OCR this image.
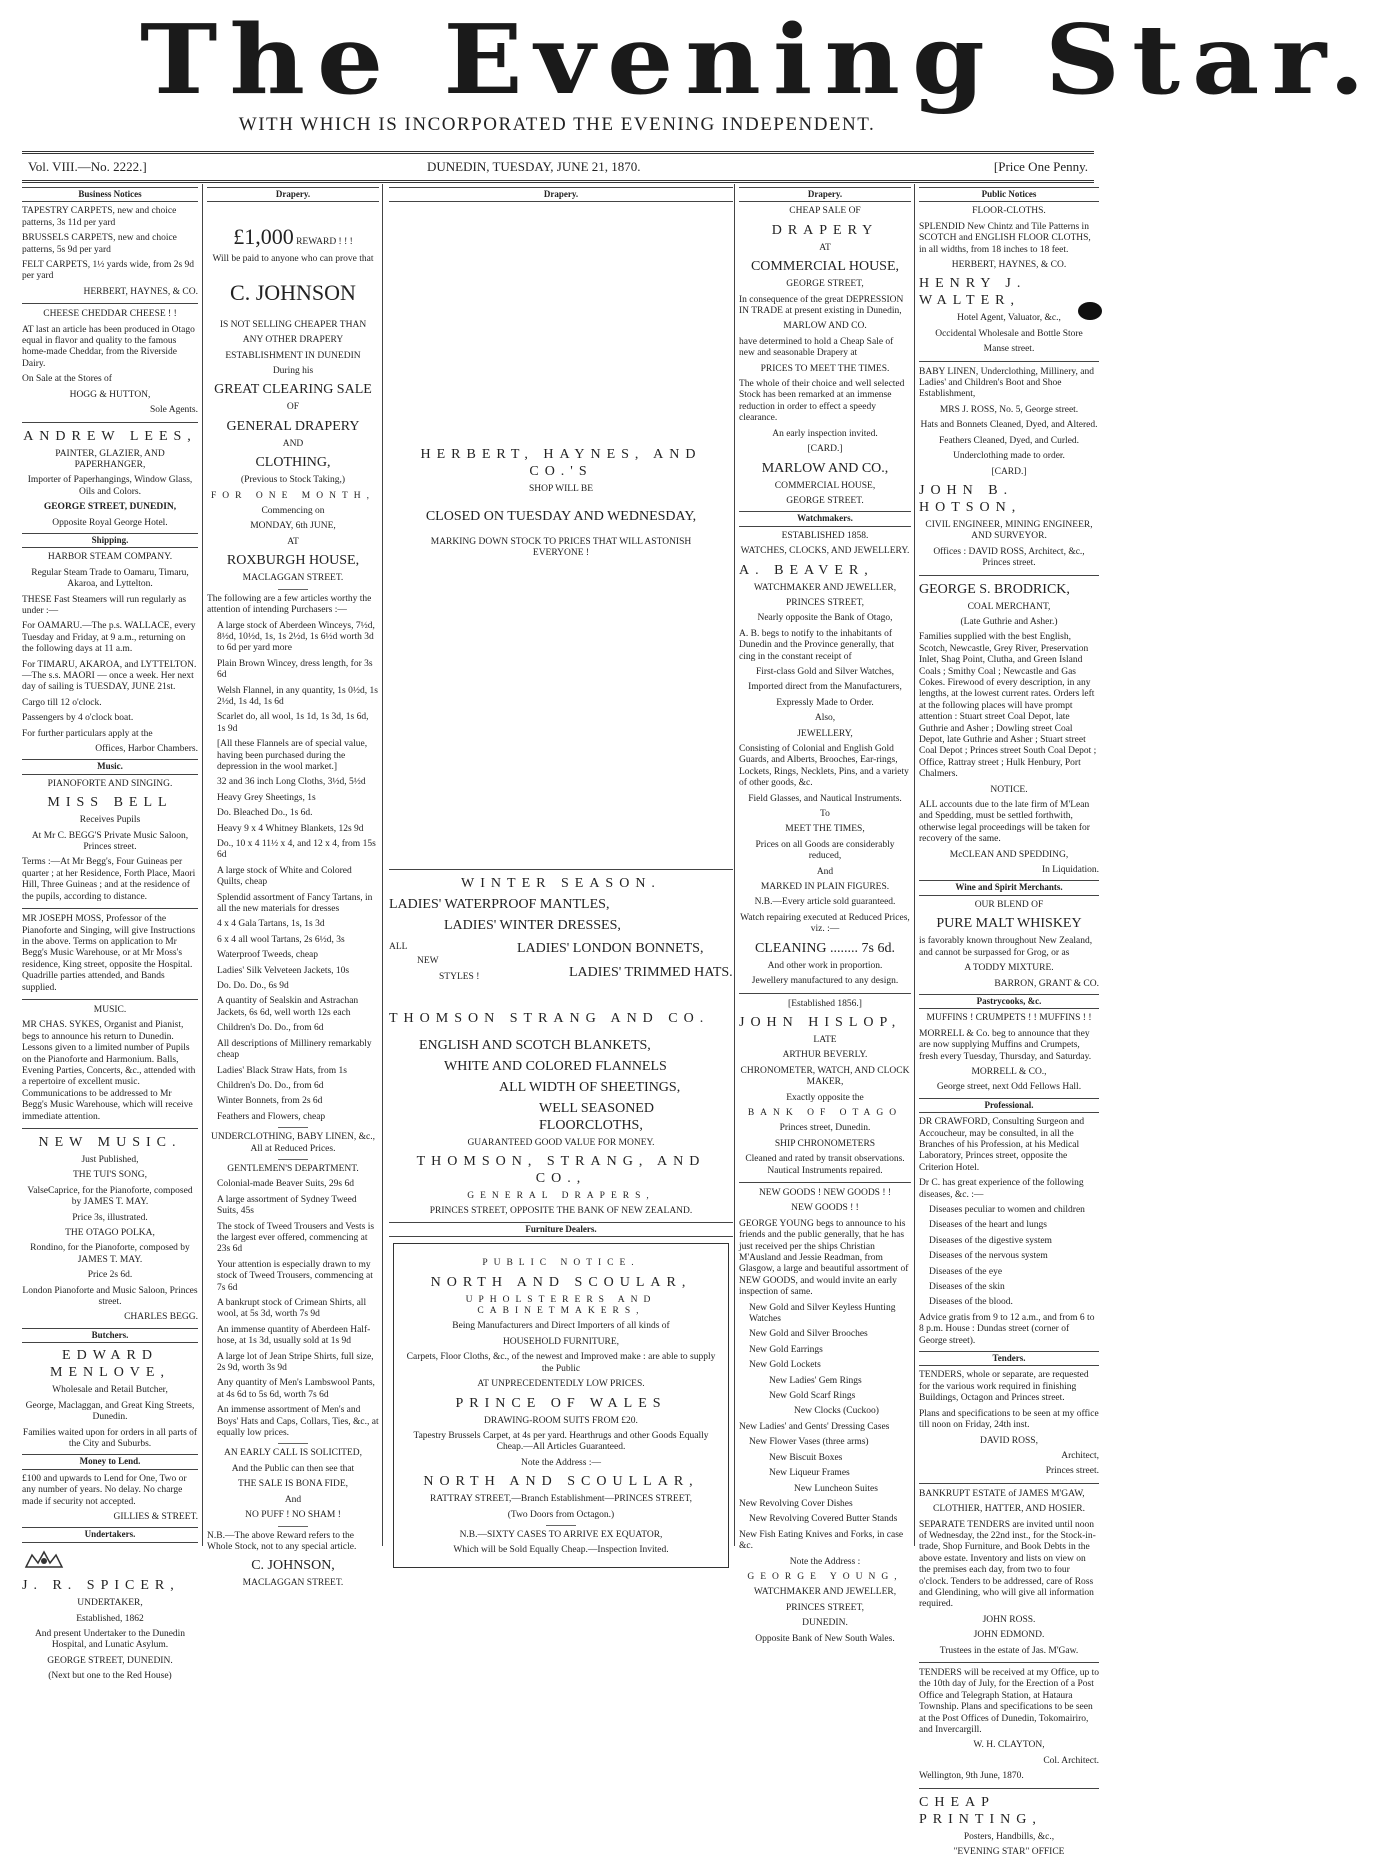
The Evening Star.
WITH WHICH IS INCORPORATED THE EVENING INDEPENDENT.
Vol. VIII.—No. 2222.]	DUNEDIN, TUESDAY, JUNE 21, 1870.	[Price One Penny.
Business Notices

TAPESTRY CARPETS, new and choice patterns, 3s 11d per yard

BRUSSELS CARPETS, new and choice patterns, 5s 9d per yard

FELT CARPETS, 1½ yards wide, from 2s 9d per yard

HERBERT, HAYNES, & CO.

CHEESE CHEDDAR CHEESE ! !

AT last an article has been produced in Otago equal in flavor and quality to the famous home-made Cheddar, from the Riverside Dairy.

On Sale at the Stores of

HOGG & HUTTON,

Sole Agents.

ANDREW LEES,

PAINTER, GLAZIER, AND PAPERHANGER,

Importer of Paperhangings, Window Glass, Oils and Colors.

GEORGE STREET, DUNEDIN,

Opposite Royal George Hotel.

Shipping.

HARBOR STEAM COMPANY.

Regular Steam Trade to Oamaru, Timaru, Akaroa, and Lyttelton.

THESE Fast Steamers will run regularly as under :—

For OAMARU.—The p.s. WALLACE, every Tuesday and Friday, at 9 a.m., returning on the following days at 11 a.m.

For TIMARU, AKAROA, and LYTTELTON. —The s.s. MAORI — once a week. Her next day of sailing is TUESDAY, JUNE 21st.

Cargo till 12 o'clock.

Passengers by 4 o'clock boat.

For further particulars apply at the

Offices, Harbor Chambers.

Music.

PIANOFORTE AND SINGING.

MISS BELL

Receives Pupils

At Mr C. BEGG'S Private Music Saloon, Princes street.

Terms :—At Mr Begg's, Four Guineas per quarter ; at her Residence, Forth Place, Maori Hill, Three Guineas ; and at the residence of the pupils, according to distance.

MR JOSEPH MOSS, Professor of the Pianoforte and Singing, will give Instructions in the above. Terms on application to Mr Begg's Music Warehouse, or at Mr Moss's residence, King street, opposite the Hospital. Quadrille parties attended, and Bands supplied.

MUSIC.

MR CHAS. SYKES, Organist and Pianist, begs to announce his return to Dunedin. Lessons given to a limited number of Pupils on the Pianoforte and Harmonium. Balls, Evening Parties, Concerts, &c., attended with a repertoire of excellent music. Communications to be addressed to Mr Begg's Music Warehouse, which will receive immediate attention.

NEW MUSIC.

Just Published,

THE TUI'S SONG,

ValseCaprice, for the Pianoforte, composed by JAMES T. MAY.

Price 3s, illustrated.

THE OTAGO POLKA,

Rondino, for the Pianoforte, composed by JAMES T. MAY.

Price 2s 6d.

London Pianoforte and Music Saloon, Princes street.

CHARLES BEGG.

Butchers.

EDWARD MENLOVE,

Wholesale and Retail Butcher,

George, Maclaggan, and Great King Streets, Dunedin.

Families waited upon for orders in all parts of the City and Suburbs.

Money to Lend.

£100 and upwards to Lend for One, Two or any number of years. No delay. No charge made if security not accepted.

GILLIES & STREET.

Undertakers.

J. R. SPICER,

UNDERTAKER,

Established, 1862

And present Undertaker to the Dunedin Hospital, and Lunatic Asylum.

GEORGE STREET, DUNEDIN.

(Next but one to the Red House)

Drapery.

£1,000 REWARD ! ! !

Will be paid to anyone who can prove that

C. JOHNSON

IS NOT SELLING CHEAPER THAN

ANY OTHER DRAPERY

ESTABLISHMENT IN DUNEDIN

During his

GREAT CLEARING SALE

OF

GENERAL DRAPERY

AND

CLOTHING,

(Previous to Stock Taking,)

FOR ONE MONTH,

Commencing on

MONDAY, 6th JUNE,

AT

ROXBURGH HOUSE,

MACLAGGAN STREET.

The following are a few articles worthy the attention of intending Purchasers :—

A large stock of Aberdeen Winceys, 7½d, 8½d, 10½d, 1s, 1s 2½d, 1s 6½d worth 3d to 6d per yard more

Plain Brown Wincey, dress length, for 3s 6d

Welsh Flannel, in any quantity, 1s 0½d, 1s 2½d, 1s 4d, 1s 6d

Scarlet do, all wool, 1s 1d, 1s 3d, 1s 6d, 1s 9d

[All these Flannels are of special value, having been purchased during the depression in the wool market.]

32 and 36 inch Long Cloths, 3½d, 5½d

Heavy Grey Sheetings, 1s

Do. Bleached Do., 1s 6d.

Heavy 9 x 4 Whitney Blankets, 12s 9d

Do., 10 x 4 11½ x 4, and 12 x 4, from 15s 6d

A large stock of White and Colored Quilts, cheap

Splendid assortment of Fancy Tartans, in all the new materials for dresses

4 x 4 Gala Tartans, 1s, 1s 3d

6 x 4 all wool Tartans, 2s 6½d, 3s

Waterproof Tweeds, cheap

Ladies' Silk Velveteen Jackets, 10s

Do. Do. Do., 6s 9d

A quantity of Sealskin and Astrachan Jackets, 6s 6d, well worth 12s each

Children's Do. Do., from 6d

All descriptions of Millinery remarkably cheap

Ladies' Black Straw Hats, from 1s

Children's Do. Do., from 6d

Winter Bonnets, from 2s 6d

Feathers and Flowers, cheap

UNDERCLOTHING, BABY LINEN, &c., All at Reduced Prices.

GENTLEMEN'S DEPARTMENT.

Colonial-made Beaver Suits, 29s 6d

A large assortment of Sydney Tweed Suits, 45s

The stock of Tweed Trousers and Vests is the largest ever offered, commencing at 23s 6d

Your attention is especially drawn to my stock of Tweed Trousers, commencing at 7s 6d

A bankrupt stock of Crimean Shirts, all wool, at 5s 3d, worth 7s 9d

An immense quantity of Aberdeen Half-hose, at 1s 3d, usually sold at 1s 9d

A large lot of Jean Stripe Shirts, full size, 2s 9d, worth 3s 9d

Any quantity of Men's Lambswool Pants, at 4s 6d to 5s 6d, worth 7s 6d

An immense assortment of Men's and Boys' Hats and Caps, Collars, Ties, &c., at equally low prices.

AN EARLY CALL IS SOLICITED,

And the Public can then see that

THE SALE IS BONA FIDE,

And

NO PUFF ! NO SHAM !

N.B.—The above Reward refers to the Whole Stock, not to any special article.

C. JOHNSON,

MACLAGGAN STREET.

Drapery.

HERBERT, HAYNES, AND CO.'S

SHOP WILL BE

CLOSED ON TUESDAY AND WEDNESDAY,

MARKING DOWN STOCK TO PRICES THAT WILL ASTONISH EVERYONE !

WINTER SEASON.

LADIES' WATERPROOF MANTLES,

LADIES' WINTER DRESSES,

ALL
NEW
STYLES !
LADIES' LONDON BONNETS,
LADIES' TRIMMED HATS.

THOMSON STRANG AND CO.

ENGLISH AND SCOTCH BLANKETS,

WHITE AND COLORED FLANNELS

ALL WIDTH OF SHEETINGS,

WELL SEASONED FLOORCLOTHS,

GUARANTEED GOOD VALUE FOR MONEY.

THOMSON, STRANG, AND CO.,

GENERAL DRAPERS,

PRINCES STREET, OPPOSITE THE BANK OF NEW ZEALAND.

Furniture Dealers.

PUBLIC NOTICE.

NORTH AND SCOULAR,

UPHOLSTERERS AND CABINETMAKERS,

Being Manufacturers and Direct Importers of all kinds of

HOUSEHOLD FURNITURE,

Carpets, Floor Cloths, &c., of the newest and Improved make : are able to supply the Public

AT UNPRECEDENTEDLY LOW PRICES.

PRINCE OF WALES

DRAWING-ROOM SUITS FROM £20.

Tapestry Brussels Carpet, at 4s per yard. Hearthrugs and other Goods Equally Cheap.—All Articles Guaranteed.

Note the Address :—

NORTH AND SCOULLAR,

RATTRAY STREET,—Branch Establishment—PRINCES STREET,

(Two Doors from Octagon.)

N.B.—SIXTY CASES TO ARRIVE EX EQUATOR,

Which will be Sold Equally Cheap.—Inspection Invited.

Drapery.

CHEAP SALE OF

DRAPERY

AT

COMMERCIAL HOUSE,

GEORGE STREET,

In consequence of the great DEPRESSION IN TRADE at present existing in Dunedin,

MARLOW AND CO.

have determined to hold a Cheap Sale of new and seasonable Drapery at

PRICES TO MEET THE TIMES.

The whole of their choice and well selected Stock has been remarked at an immense reduction in order to effect a speedy clearance.

An early inspection invited.

[CARD.]

MARLOW AND CO.,

COMMERCIAL HOUSE,

GEORGE STREET.

Watchmakers.

ESTABLISHED 1858.

WATCHES, CLOCKS, AND JEWELLERY.

A. BEAVER,

WATCHMAKER AND JEWELLER,

PRINCES STREET,

Nearly opposite the Bank of Otago,

A. B. begs to notify to the inhabitants of Dunedin and the Province generally, that cing in the constant receipt of

First-class Gold and Silver Watches,

Imported direct from the Manufacturers,

Expressly Made to Order.

Also,

JEWELLERY,

Consisting of Colonial and English Gold Guards, and Alberts, Brooches, Ear-rings, Lockets, Rings, Necklets, Pins, and a variety of other goods, &c.

Field Glasses, and Nautical Instruments.

To

MEET THE TIMES,

Prices on all Goods are considerably reduced,

And

MARKED IN PLAIN FIGURES.

N.B.—Every article sold guaranteed.

Watch repairing executed at Reduced Prices, viz. :—

CLEANING ........ 7s 6d.

And other work in proportion.

Jewellery manufactured to any design.

[Established 1856.]

JOHN HISLOP,

LATE

ARTHUR BEVERLY.

CHRONOMETER, WATCH, AND CLOCK MAKER,

Exactly opposite the

BANK OF OTAGO

Princes street, Dunedin.

SHIP CHRONOMETERS

Cleaned and rated by transit observations. Nautical Instruments repaired.

NEW GOODS ! NEW GOODS ! !

NEW GOODS ! !

GEORGE YOUNG begs to announce to his friends and the public generally, that he has just received per the ships Christian M'Ausland and Jessie Readman, from Glasgow, a large and beautiful assortment of NEW GOODS, and would invite an early inspection of same.

New Gold and Silver Keyless Hunting Watches

New Gold and Silver Brooches

New Gold Earrings

New Gold Lockets

New Ladies' Gem Rings

New Gold Scarf Rings

New Clocks (Cuckoo)

New Ladies' and Gents' Dressing Cases

New Flower Vases (three arms)

New Biscuit Boxes

New Liqueur Frames

New Luncheon Suites

New Revolving Cover Dishes

New Revolving Covered Butter Stands

New Fish Eating Knives and Forks, in case &c.

Note the Address :

GEORGE YOUNG,

WATCHMAKER AND JEWELLER,

PRINCES STREET,

DUNEDIN.

Opposite Bank of New South Wales.

Public Notices

FLOOR-CLOTHS.

SPLENDID New Chintz and Tile Patterns in SCOTCH and ENGLISH FLOOR CLOTHS, in all widths, from 18 inches to 18 feet.

HERBERT, HAYNES, & CO.

HENRY J. WALTER,

Hotel Agent, Valuator, &c.,

Occidental Wholesale and Bottle Store

Manse street.

BABY LINEN, Underclothing, Millinery, and Ladies' and Children's Boot and Shoe Establishment,

MRS J. ROSS, No. 5, George street.

Hats and Bonnets Cleaned, Dyed, and Altered.

Feathers Cleaned, Dyed, and Curled.

Underclothing made to order.

[CARD.]

JOHN B. HOTSON,

CIVIL ENGINEER, MINING ENGINEER, AND SURVEYOR.

Offices : DAVID ROSS, Architect, &c., Princes street.

GEORGE S. BRODRICK,

COAL MERCHANT,

(Late Guthrie and Asher.)

Families supplied with the best English, Scotch, Newcastle, Grey River, Preservation Inlet, Shag Point, Clutha, and Green Island Coals ; Smithy Coal ; Newcastle and Gas Cokes. Firewood of every description, in any lengths, at the lowest current rates. Orders left at the following places will have prompt attention : Stuart street Coal Depot, late Guthrie and Asher ; Dowling street Coal Depot, late Guthrie and Asher ; Stuart street Coal Depot ; Princes street South Coal Depot ; Office, Rattray street ; Hulk Henbury, Port Chalmers.

NOTICE.

ALL accounts due to the late firm of M'Lean and Spedding, must be settled forthwith, otherwise legal proceedings will be taken for recovery of the same.

McCLEAN AND SPEDDING,

In Liquidation.

Wine and Spirit Merchants.

OUR BLEND OF

PURE MALT WHISKEY

is favorably known throughout New Zealand, and cannot be surpassed for Grog, or as

A TODDY MIXTURE.

BARRON, GRANT & CO.

Pastrycooks, &c.

MUFFINS ! CRUMPETS ! ! MUFFINS ! !

MORRELL & Co. beg to announce that they are now supplying Muffins and Crumpets, fresh every Tuesday, Thursday, and Saturday.

MORRELL & CO.,

George street, next Odd Fellows Hall.

Professional.

DR CRAWFORD, Consulting Surgeon and Accoucheur, may be consulted, in all the Branches of his Profession, at his Medical Laboratory, Princes street, opposite the Criterion Hotel.

Dr C. has great experience of the following diseases, &c. :—

Diseases peculiar to women and children

Diseases of the heart and lungs

Diseases of the digestive system

Diseases of the nervous system

Diseases of the eye

Diseases of the skin

Diseases of the blood.

Advice gratis from 9 to 12 a.m., and from 6 to 8 p.m. House : Dundas street (corner of George street).

Tenders.

TENDERS, whole or separate, are requested for the various work required in finishing Buildings, Octagon and Princes street.

Plans and specifications to be seen at my office till noon on Friday, 24th inst.

DAVID ROSS,

Architect,

Princes street.

BANKRUPT ESTATE of JAMES M'GAW,

CLOTHIER, HATTER, AND HOSIER.

SEPARATE TENDERS are invited until noon of Wednesday, the 22nd inst., for the Stock-in-trade, Shop Furniture, and Book Debts in the above estate. Inventory and lists on view on the premises each day, from two to four o'clock. Tenders to be addressed, care of Ross and Glendining, who will give all information required.

JOHN ROSS.

JOHN EDMOND.

Trustees in the estate of Jas. M'Gaw.

TENDERS will be received at my Office, up to the 10th day of July, for the Erection of a Post Office and Telegraph Station, at Hataura Township. Plans and specifications to be seen at the Post Offices of Dunedin, Tokomairiro, and Invercargill.

W. H. CLAYTON,

Col. Architect.

Wellington, 9th June, 1870.

CHEAP PRINTING,

Posters, Handbills, &c.,

"EVENING STAR" OFFICE
